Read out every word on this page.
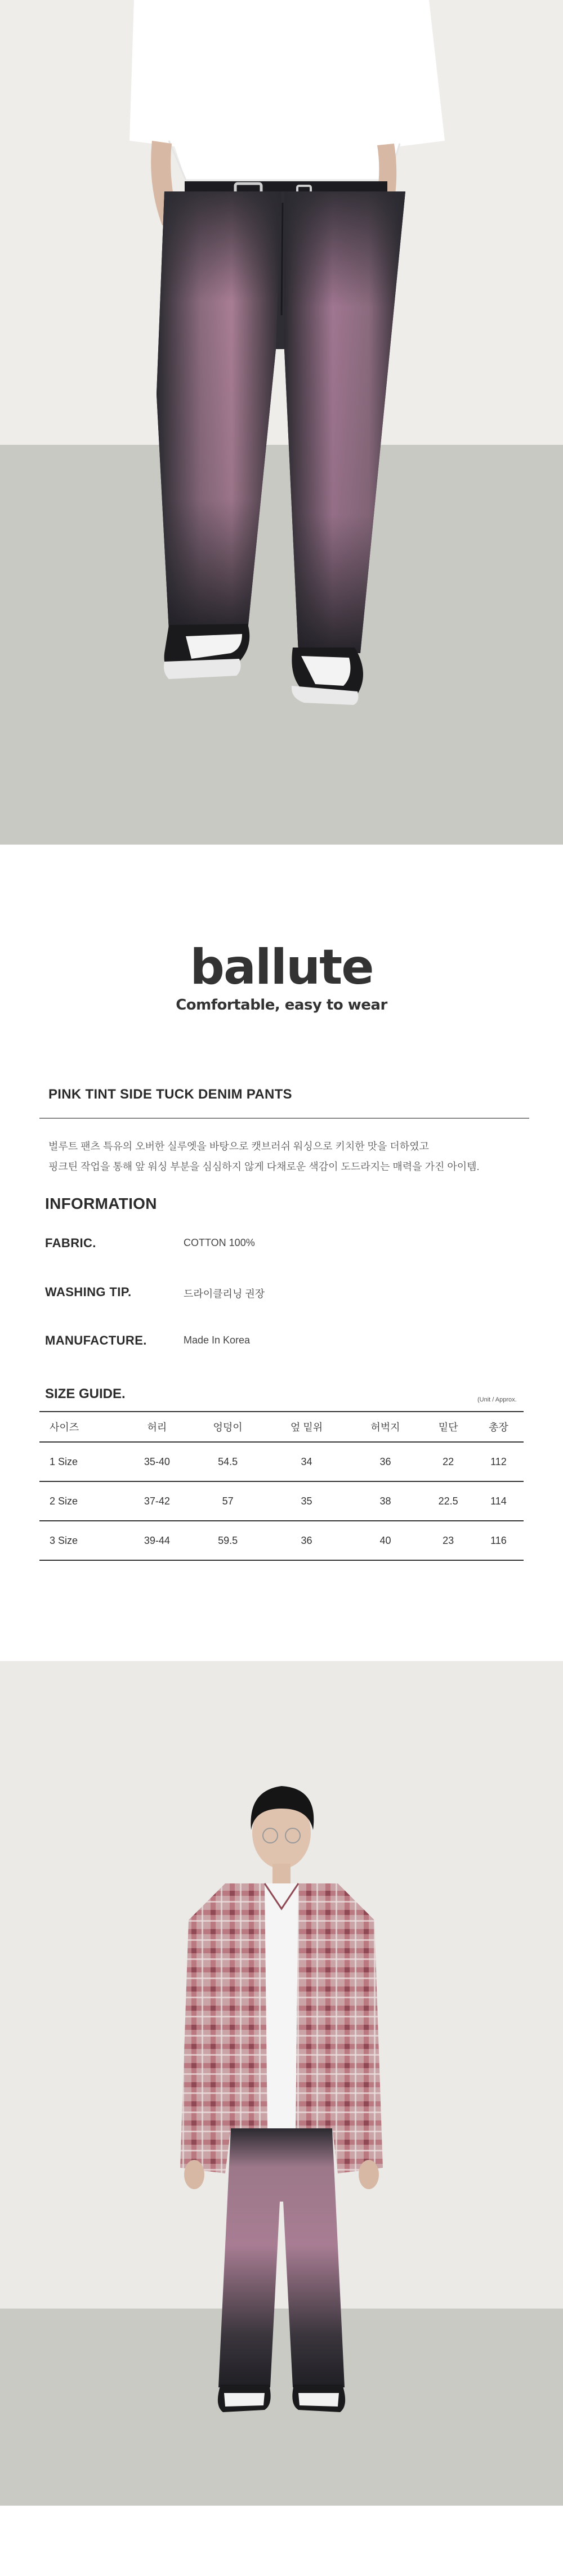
ballute
Comfortable, easy to wear
PINK TINT SIDE TUCK DENIM PANTS
벌루트 팬츠 특유의 오버한 실루엣을 바탕으로 캣브러쉬 워싱으로 키치한 맛을 더하였고
핑크틴 작업을 통해 앞 워싱 부분을 심심하지 않게 다채로운 색감이 도드라지는 매력을 가진 아이템.
INFORMATION
FABRIC.	COTTON 100%
WASHING TIP.	드라이클리닝 권장
MANUFACTURE.	Made In Korea
SIZE GUIDE.	(Unit / Approx.
사이즈	허리	엉덩이	엎 밑위	허벅지	밑단	총장
1 Size	35-40	54.5	34	36	22	112
2 Size	37-42	57	35	38	22.5	114
3 Size	39-44	59.5	36	40	23	116
